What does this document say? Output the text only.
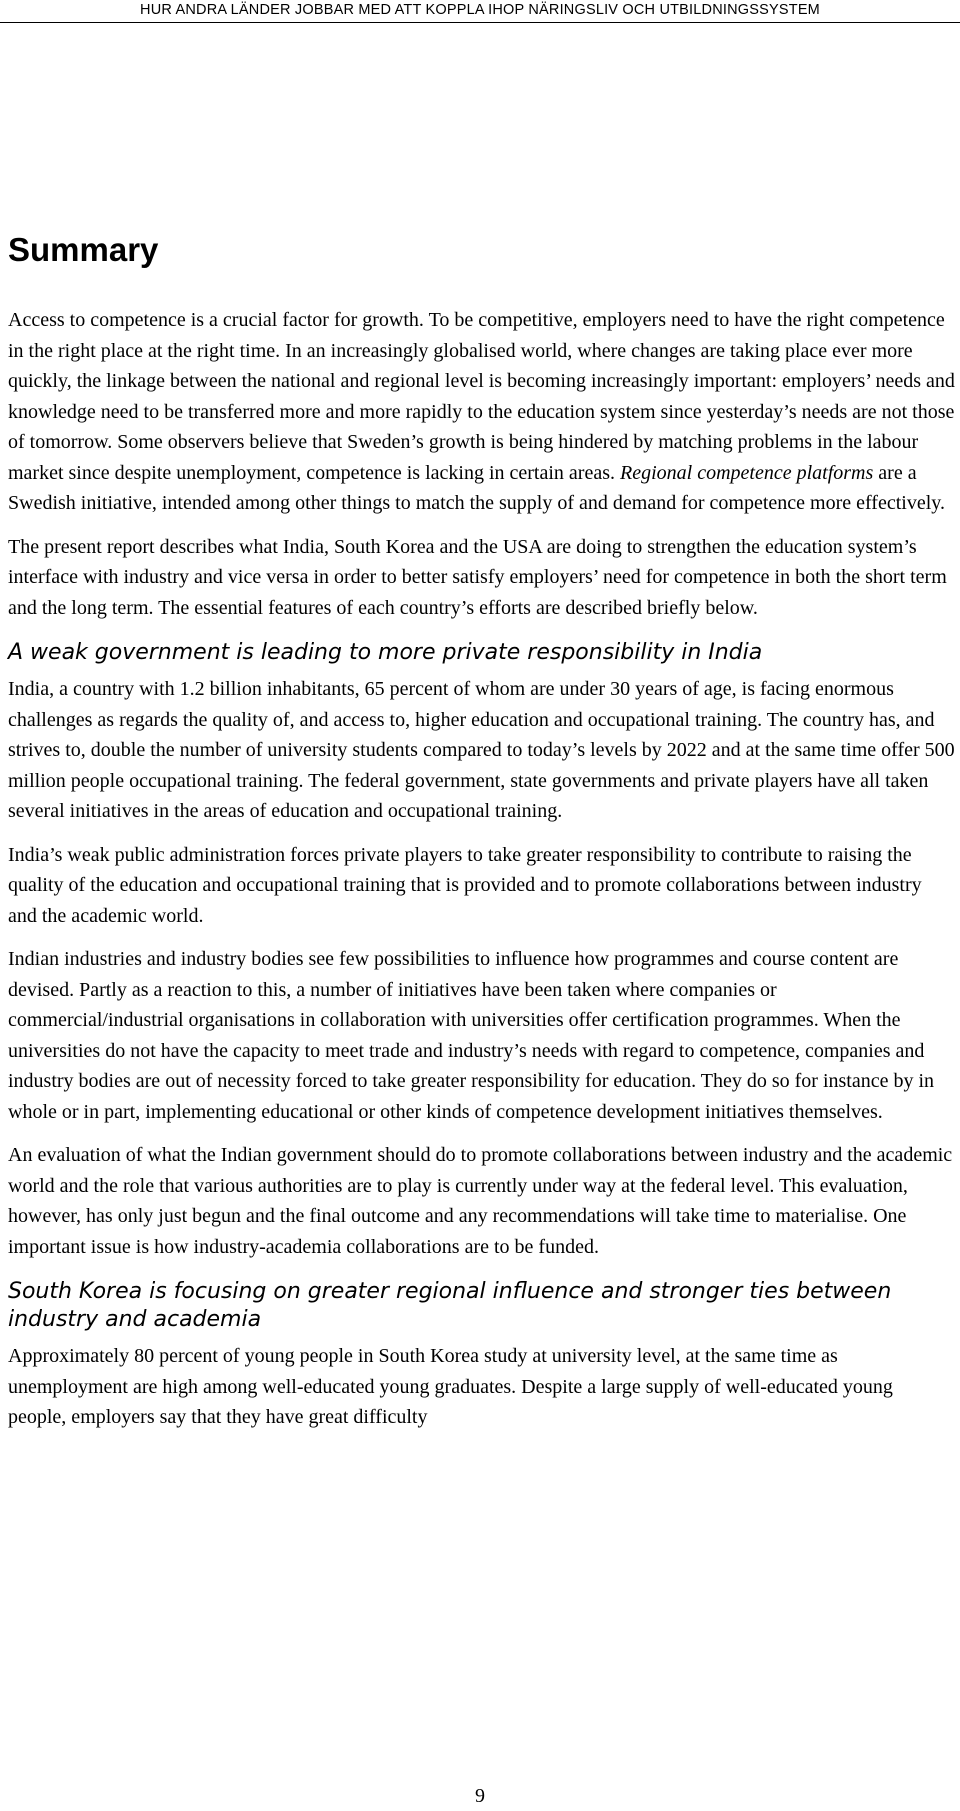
HUR ANDRA LÄNDER JOBBAR MED ATT KOPPLA IHOP NÄRINGSLIV OCH UTBILDNINGSSYSTEM
Summary

Access to competence is a crucial factor for growth. To be competitive, employers need to have the right competence in the right place at the right time. In an increasingly globalised world, where changes are taking place ever more quickly, the linkage between the national and regional level is becoming increasingly important: employers’ needs and knowledge need to be transferred more and more rapidly to the education system since yesterday’s needs are not those of tomorrow. Some observers believe that Sweden’s growth is being hindered by matching problems in the labour market since despite unemployment, competence is lacking in certain areas. Regional competence platforms are a Swedish initiative, intended among other things to match the supply of and demand for competence more effectively.

The present report describes what India, South Korea and the USA are doing to strengthen the education system’s interface with industry and vice versa in order to better satisfy employers’ need for competence in both the short term and the long term. The essential features of each country’s efforts are described briefly below.

A weak government is leading to more private responsibility in India

India, a country with 1.2 billion inhabitants, 65 percent of whom are under 30 years of age, is facing enormous challenges as regards the quality of, and access to, higher education and occupational training. The country has, and strives to, double the number of university students compared to today’s levels by 2022 and at the same time offer 500 million people occupational training. The federal government, state governments and private players have all taken several initiatives in the areas of education and occupational training.

India’s weak public administration forces private players to take greater responsibility to contribute to raising the quality of the education and occupational training that is provided and to promote collaborations between industry and the academic world.

Indian industries and industry bodies see few possibilities to influence how programmes and course content are devised. Partly as a reaction to this, a number of initiatives have been taken where companies or commercial/industrial organisations in collaboration with universities offer certification programmes. When the universities do not have the capacity to meet trade and industry’s needs with regard to competence, companies and industry bodies are out of necessity forced to take greater responsibility for education. They do so for instance by in whole or in part, implementing educational or other kinds of competence development initiatives themselves.

An evaluation of what the Indian government should do to promote collaborations between industry and the academic world and the role that various authorities are to play is currently under way at the federal level. This evaluation, however, has only just begun and the final outcome and any recommendations will take time to materialise. One important issue is how industry-academia collaborations are to be funded.

South Korea is focusing on greater regional influence and stronger ties between industry and academia

Approximately 80 percent of young people in South Korea study at university level, at the same time as unemployment are high among well-educated young graduates. Despite a large supply of well-educated young people, employers say that they have great difficulty

9
